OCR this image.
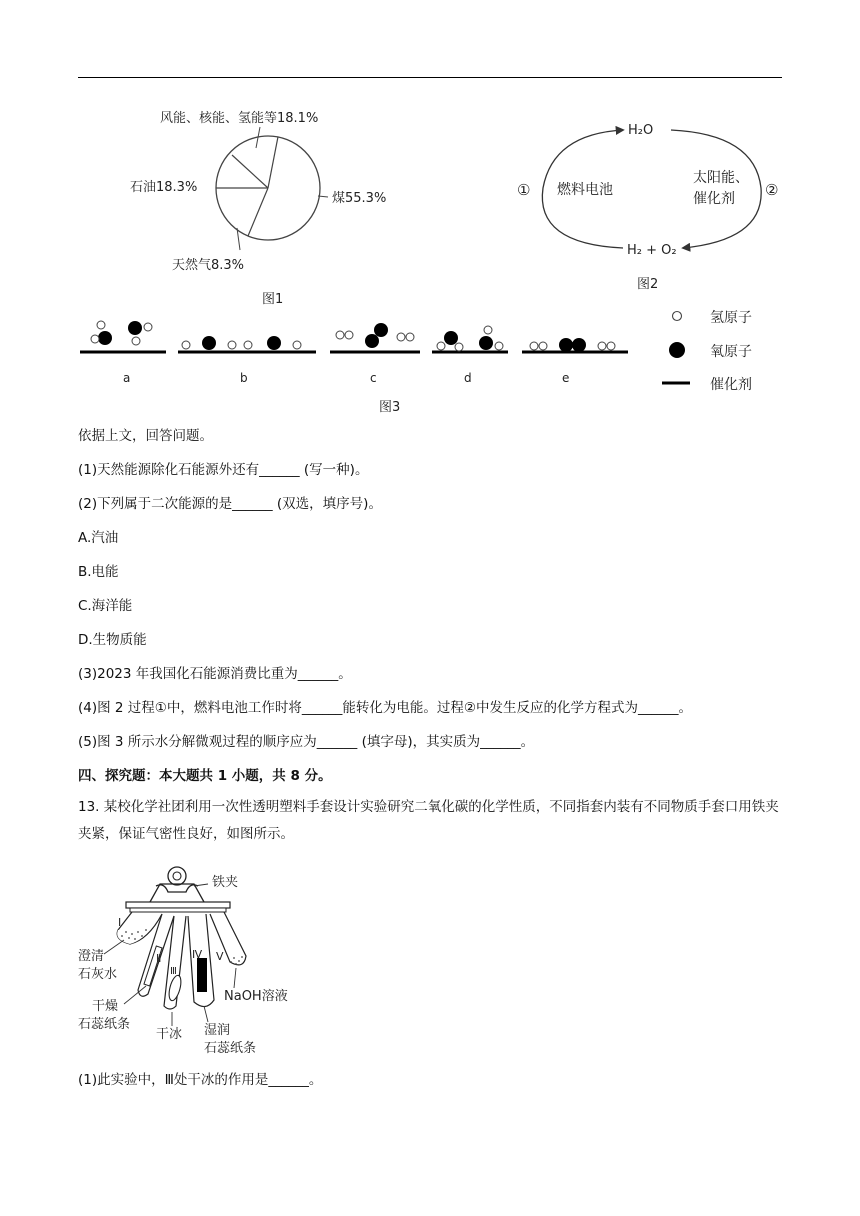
风能、核能、氢能等18.1%
石油18.3%
煤55.3%
天然气8.3%
图1
H₂O
H₂ + O₂
① 燃料电池
太阳能、
催化剂 ②
图2
a	b	c	d	e
图3
氢原子
氧原子
催化剂
依据上文，回答问题。
(1)天然能源除化石能源外还有______ (写一种)。
(2)下列属于二次能源的是______ (双选，填序号)。
A.汽油
B.电能
C.海洋能
D.生物质能
(3)2023 年我国化石能源消费比重为______。
(4)图 2 过程①中，燃料电池工作时将______能转化为电能。过程②中发生反应的化学方程式为______。
(5)图 3 所示水分解微观过程的顺序应为______ (填字母)，其实质为______。
四、探究题：本大题共 1 小题，共 8 分。
13. 某校化学社团利用一次性透明塑料手套设计实验研究二氧化碳的化学性质，不同指套内装有不同物质手套口用铁夹夹紧，保证气密性良好，如图所示。
铁夹
Ⅰ
Ⅱ
Ⅲ
Ⅳ Ⅴ
澄清
石灰水
干燥
石蕊纸条
干冰 湿润
石蕊纸条
NaOH溶液
(1)此实验中，Ⅲ处干冰的作用是______。
